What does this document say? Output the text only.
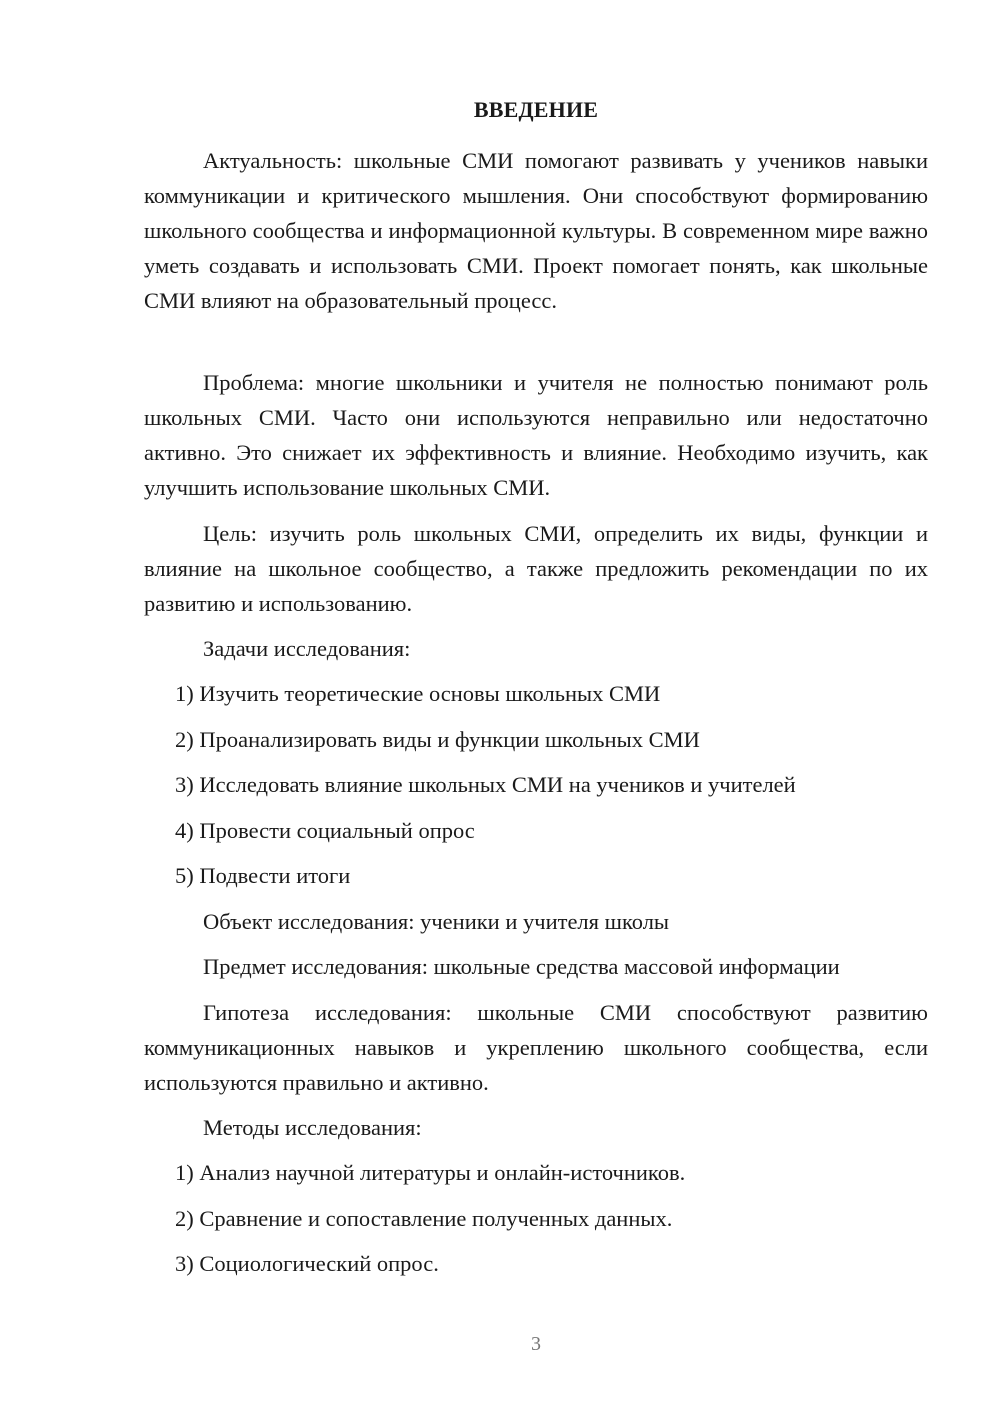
ВВЕДЕНИЕ

Актуальность: школьные СМИ помогают развивать у учеников навыки коммуникации и критического мышления. Они способствуют формированию школьного сообщества и информационной культуры. В современном мире важно уметь создавать и использовать СМИ. Проект помогает понять, как школьные СМИ влияют на образовательный процесс.

Проблема: многие школьники и учителя не полностью понимают роль школьных СМИ. Часто они используются неправильно или недостаточно активно. Это снижает их эффективность и влияние. Необходимо изучить, как улучшить использование школьных СМИ.

Цель: изучить роль школьных СМИ, определить их виды, функции и влияние на школьное сообщество, а также предложить рекомендации по их развитию и использованию.

Задачи исследования:

1) Изучить теоретические основы школьных СМИ

2) Проанализировать виды и функции школьных СМИ

3) Исследовать влияние школьных СМИ на учеников и учителей

4) Провести социальный опрос

5) Подвести итоги

Объект исследования: ученики и учителя школы

Предмет исследования: школьные средства массовой информации

Гипотеза исследования: школьные СМИ способствуют развитию коммуникационных навыков и укреплению школьного сообщества, если используются правильно и активно.

Методы исследования:

1) Анализ научной литературы и онлайн-источников.

2) Сравнение и сопоставление полученных данных.

3) Социологический опрос.

3
